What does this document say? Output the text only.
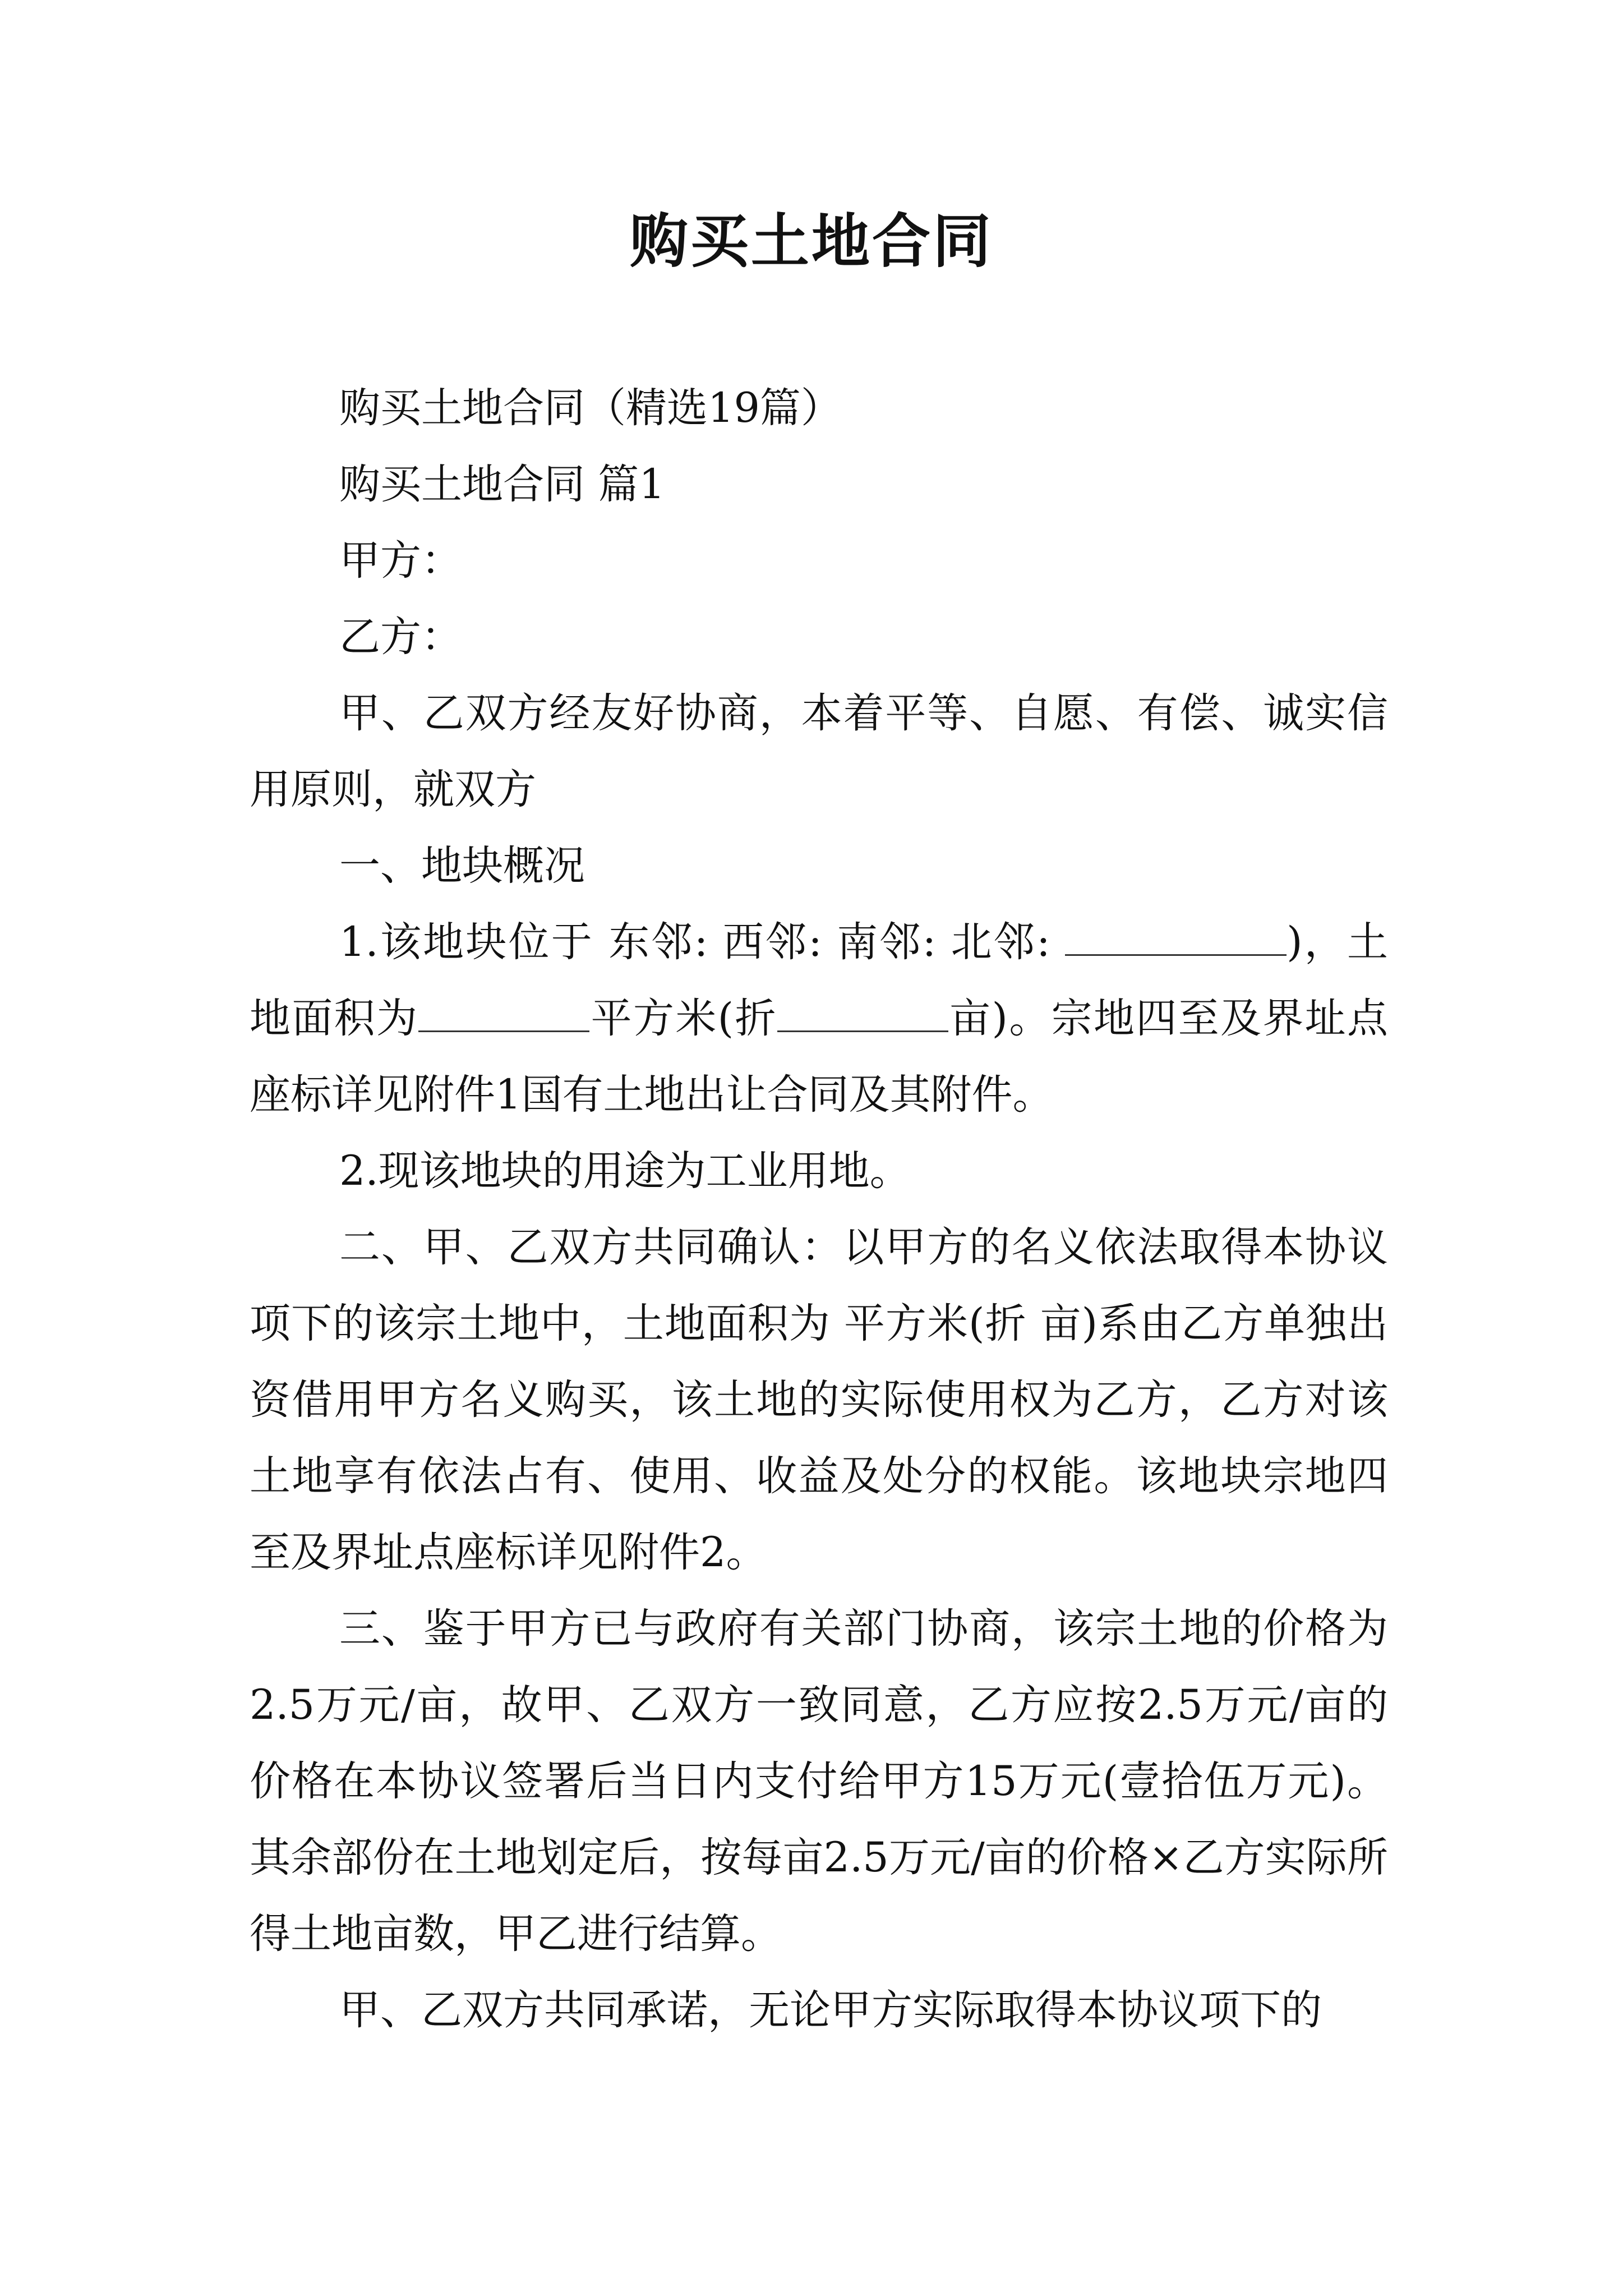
购买土地合同

购买土地合同（精选19篇）

购买土地合同 篇1

甲方：

乙方：

甲、乙双方经友好协商，本着平等、自愿、有偿、诚实信用原则，就双方

一、地块概况

1.该地块位于 东邻: 西邻: 南邻: 北邻:	)，土地面积为	平方米(折	亩)。宗地四至及界址点座标详见附件1国有土地出让合同及其附件。

2.现该地块的用途为工业用地。

二、甲、乙双方共同确认：以甲方的名义依法取得本协议项下的该宗土地中，土地面积为 平方米(折 亩)系由乙方单独出资借用甲方名义购买，该土地的实际使用权为乙方，乙方对该土地享有依法占有、使用、收益及处分的权能。该地块宗地四至及界址点座标详见附件2。

三、鉴于甲方已与政府有关部门协商，该宗土地的价格为2.5万元/亩，故甲、乙双方一致同意，乙方应按2.5万元/亩的价格在本协议签署后当日内支付给甲方15万元(壹拾伍万元)。其余部份在土地划定后，按每亩2.5万元/亩的价格×乙方实际所得土地亩数，甲乙进行结算。

甲、乙双方共同承诺，无论甲方实际取得本协议项下的
